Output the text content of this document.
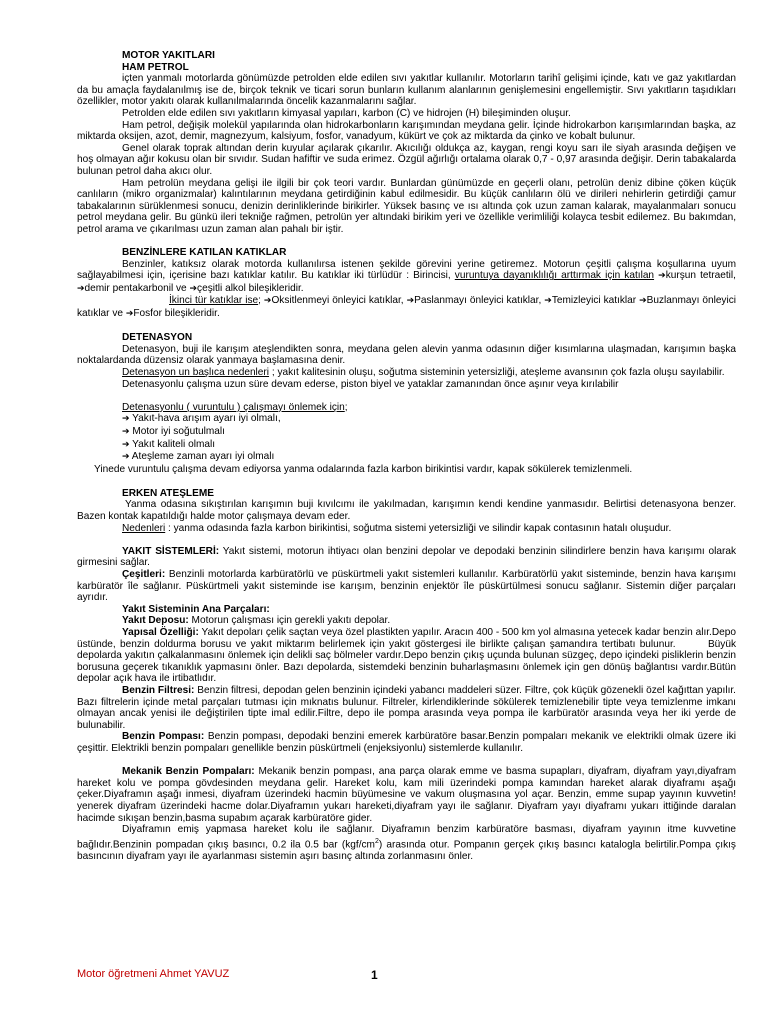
MOTOR YAKITLARI

HAM PETROL

içten yanmalı motorlarda gönümüzde petrolden elde edilen sıvı yakıtlar kullanılır. Motorların tarihî gelişimi içinde, katı ve gaz yakıtlardan da bu amaçla faydalanılmış ise de, birçok teknik ve ticari sorun bunların kullanım alanlarının genişlemesini engellemiştir. Sıvı yakıtların taşıdıkları özellikler, motor yakıtı olarak kullanılmalarında öncelik kazanmalarını sağlar.

Petrolden elde edilen sıvı yakıtların kimyasal yapıları, karbon (C) ve hidrojen (H) bileşiminden oluşur.

Ham petrol, değişik molekül yapılarında olan hidrokarbonların karışımından meydana gelir. İçinde hidrokarbon karışımlarından başka, az miktarda oksijen, azot, demir, magnezyum, kalsiyum, fosfor, vanadyum, kükürt ve çok az miktarda da çinko ve kobalt bulunur.

Genel olarak toprak altından derin kuyular açılarak çıkarılır. Akıcılığı oldukça az, kaygan, rengi koyu sarı ile siyah arasında değişen ve hoş olmayan ağır kokusu olan bir sıvıdır. Sudan hafiftir ve suda erimez. Özgül ağırlığı ortalama olarak 0,7 - 0,97 arasında değişir. Derin tabakalarda bulunan petrol daha akıcı olur.

Ham petrolün meydana gelişi ile ilgili bir çok teori vardır. Bunlardan günümüzde en geçerli olanı, petrolün deniz dibine çöken küçük canlıların (mikro organizmalar) kalıntılarının meydana getirdiğinin kabul edilmesidir. Bu küçük canlıların ölü ve dirileri nehirlerin getirdiği çamur tabakalarının sürüklenmesi sonucu, denizin derinliklerinde birikirler. Yüksek basınç ve ısı altında çok uzun zaman kalarak, mayalanmaları sonucu petrol meydana gelir. Bu günkü ileri tekniğe rağmen, petrolün yer altındaki birikim yeri ve özellikle verimliliği kolayca tesbit edilemez. Bu bakımdan, petrol arama ve çıkarılması uzun zaman alan pahalı bir iştir.

BENZİNLERE KATILAN KATIKLAR

Benzinler, katıksız olarak motorda kullanılırsa istenen şekilde görevini yerine getiremez. Motorun çeşitli çalışma koşullarına uyum sağlayabilmesi için, içerisine bazı katıklar katılır. Bu katıklar iki türlüdür : Birincisi, vuruntuya dayanıklılığı arttırmak için katılan ➔kurşun tetraetil, ➔demir pentakarbonil ve ➔çeşitli alkol bileşikleridir.

İkinci tür katıklar ise; ➔Oksitlenmeyi önleyici katıklar, ➔Paslanmayı önleyici katıklar, ➔Temizleyici katıklar ➔Buzlanmayı önleyici katıklar ve ➔Fosfor bileşikleridir.

DETENASYON

Detenasyon, buji ile karışım ateşlendikten sonra, meydana gelen alevin yanma odasının diğer kısımlarına ulaşmadan, karışımın başka noktalardanda düzensiz olarak yanmaya başlamasına denir.

Detenasyon un başlıca nedenleri ; yakıt kalitesinin oluşu, soğutma sisteminin yetersizliği, ateşleme avansının çok fazla oluşu sayılabilir.

Detenasyonlu çalışma uzun süre devam ederse, piston biyel ve yataklar zamanından önce aşınır veya kırılabilir

Detenasyonlu ( vuruntulu ) çalışmayı önlemek için;

➔ Yakıt-hava arışım ayarı iyi olmalı,

➔ Motor iyi soğutulmalı

➔ Yakıt kaliteli olmalı

➔ Ateşleme zaman ayarı iyi olmalı

Yinede vuruntulu çalışma devam ediyorsa yanma odalarında fazla karbon birikintisi vardır, kapak sökülerek temizlenmeli.

ERKEN ATEŞLEME

Yanma odasına sıkıştırılan karışımın buji kıvılcımı ile yakılmadan, karışımın kendi kendine yanmasıdır. Belirtisi detenasyona benzer. Bazen kontak kapatıldığı halde motor çalışmaya devam eder.

Nedenleri : yanma odasında fazla karbon birikintisi, soğutma sistemi yetersizliği ve silindir kapak contasının hatalı oluşudur.

YAKIT SİSTEMLERİ: Yakıt sistemi, motorun ihtiyacı olan benzini depolar ve depodaki benzinin silindirlere benzin hava karışımı olarak girmesini sağlar.

Çeşitleri: Benzinli motorlarda karbüratörlü ve püskürtmeli yakıt sistemleri kullanılır. Karbüratörlü yakıt sisteminde, benzin hava karışımı karbüratör île sağlanır. Püskürtmeli yakıt sisteminde ise karışım, benzinin enjektör île püskürtülmesi sonucu sağlanır. Sistemin diğer parçaları ayrıdır.

Yakıt Sisteminin Ana Parçaları:

Yakıt Deposu: Motorun çalışması için gerekli yakıtı depolar.

Yapısal Özelliği: Yakıt depoları çelik saçtan veya özel plastikten yapılır. Aracın 400 - 500 km yol almasına yetecek kadar benzin alır.Depo üstünde, benzin doldurma borusu ve yakıt miktarım belirlemek için yakıt göstergesi ile birlikte çalışan şamandıra tertibatı bulunur.	Büyük depolarda yakıtın çalkalanmasını önlemek için delikli saç bölmeler vardır.Depo benzin çıkış uçunda bulunan süzgeç, depo içindeki pisliklerin benzin borusuna geçerek tıkanıklık yapmasını önler. Bazı depolarda, sistemdeki benzinin buharlaşmasını önlemek için gen dönüş bağlantısı vardır.Bütün depolar açık hava ile irtibatlıdır.

Benzin Filtresi: Benzin filtresi, depodan gelen benzinin içindeki yabancı maddeleri süzer. Filtre, çok küçük gözenekli özel kağıttan yapılır. Bazı filtrelerin içinde metal parçaları tutması için mıknatıs bulunur. Filtreler, kirlendiklerinde sökülerek temizlenebilir tipte veya temizlenme imkanı olmayan ancak yenisi ile değiştirilen tipte imal edilir.Filtre, depo ile pompa arasında veya pompa ile karbüratör arasında veya her iki yerde de bulunabilir.

Benzin Pompası: Benzin pompası, depodaki benzini emerek karbüratöre basar.Benzin pompaları mekanik ve elektrikli olmak üzere iki çeşittir. Elektrikli benzin pompaları genellikle benzin püskürtmeli (enjeksiyonlu) sistemlerde kullanılır.

Mekanik Benzin Pompaları: Mekanik benzin pompası, ana parça olarak emme ve basma supapları, diyafram, diyafram yayı,diyafram hareket kolu ve pompa gövdesinden meydana gelir. Hareket kolu, kam mili üzerindeki pompa kamından hareket alarak diyaframı aşağı çeker.Diyaframın aşağı inmesi, diyafram üzerindeki hacmin büyümesine ve vakum oluşmasına yol açar. Benzin, emme supap yayının kuvvetin! yenerek diyafram üzerindeki hacme dolar.Diyaframın yukarı hareketi,diyafram yayı ile sağlanır. Diyafram yayı diyaframı yukarı ittiğinde daralan hacimde sıkışan benzin,basma supabım açarak karbüratöre gider.

Diyaframın emiş yapmasa hareket kolu ile sağlanır. Diyaframın benzim karbüratöre basması, diyafram yayının itme kuvvetine bağlıdır.Benzinin pompadan çıkış basıncı, 0.2 ila 0.5 bar $(kgf/cm^2)$ arasında otur. Pompanın gerçek çıkış basıncı katalogla belirtilir.Pompa çıkış basıncının diyafram yayı ile ayarlanması sistemin aşırı basınç altında zorlanmasını önler.

Motor öğretmeni Ahmet YAVUZ	1
